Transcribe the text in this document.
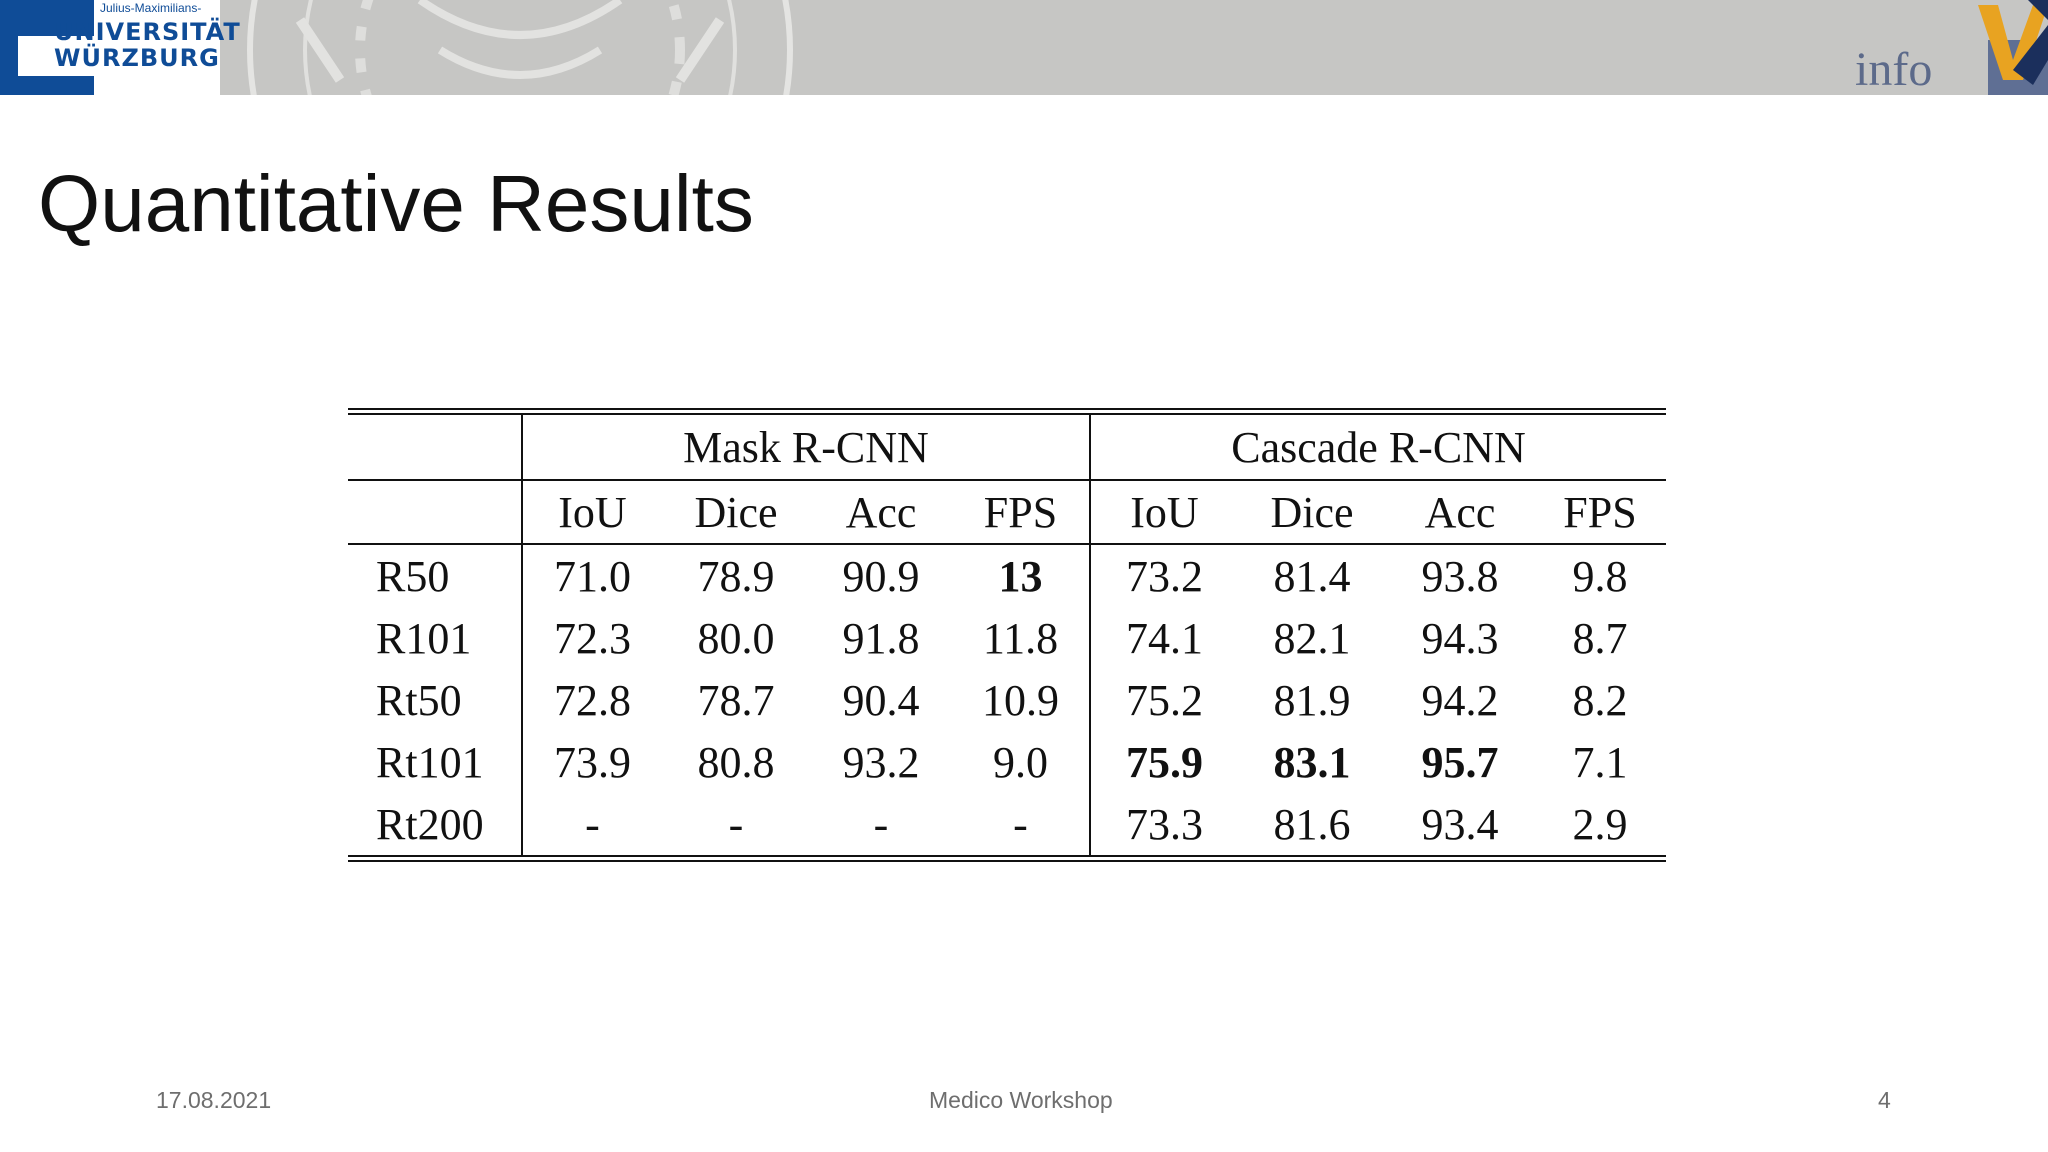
Julius-Maximilians-
UNIVERSITÄT
WÜRZBURG	info
Quantitative Results
	Mask R-CNN				Cascade R-CNN			
	IoU	Dice	Acc	FPS	IoU	Dice	Acc	FPS
R50	71.0	78.9	90.9	13	73.2	81.4	93.8	9.8
R101	72.3	80.0	91.8	11.8	74.1	82.1	94.3	8.7
Rt50	72.8	78.7	90.4	10.9	75.2	81.9	94.2	8.2
Rt101	73.9	80.8	93.2	9.0	75.9	83.1	95.7	7.1
Rt200	-	-	-	-	73.3	81.6	93.4	2.9
17.08.2021	Medico Workshop	4
